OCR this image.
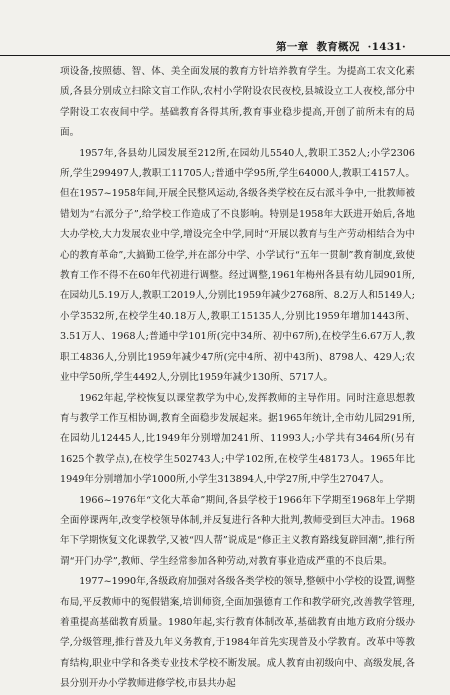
第一章 教育概况 ·1431·

项设备,按照德、智、体、美全面发展的教育方针培养教育学生。为提高工农文化素质,各县分别成立扫除文盲工作队,农村小学附设农民夜校,县城设立工人夜校,部分中学附设工农夜间中学。基础教育各得其所,教育事业稳步提高,开创了前所未有的局面。

1957年,各县幼儿园发展至212所,在园幼儿5540人,教职工352人;小学2306所,学生299497人,教职工11705人;普通中学95所,学生64000人,教职工4157人。但在1957~1958年间,开展全民整风运动,各级各类学校在反右派斗争中,一批教师被错划为“右派分子”,给学校工作造成了不良影响。特别是1958年大跃进开始后,各地大办学校,大力发展农业中学,增设完全中学,同时“开展以教育与生产劳动相结合为中心的教育革命”,大搞勤工俭学,并在部分中学、小学试行“五年一贯制”教育制度,致使教育工作不得不在60年代初进行调整。经过调整,1961年梅州各县有幼儿园901所,在园幼儿5.19万人,教职工2019人,分别比1959年减少2768所、8.2万人和5149人;小学3532所,在校学生40.18万人,教职工15135人,分别比1959年增加1443所、3.51万人、1968人;普通中学101所(完中34所、初中67所),在校学生6.67万人,教职工4836人,分别比1959年减少47所(完中4所、初中43所)、8798人、429人;农业中学50所,学生4492人,分别比1959年减少130所、5717人。

1962年起,学校恢复以课堂教学为中心,发挥教师的主导作用。同时注意思想教育与教学工作互相协调,教育全面稳步发展起来。据1965年统计,全市幼儿园291所,在园幼儿12445人,比1949年分别增加241所、11993人;小学共有3464所(另有1625个教学点),在校学生502743人;中学102所,在校学生48173人。1965年比1949年分别增加小学1000所,小学生313894人,中学27所,中学生27047人。

1966~1976年“文化大革命”期间,各县学校于1966年下学期至1968年上学期全面停课两年,改变学校领导体制,并反复进行各种大批判,教师受到巨大冲击。1968年下学期恢复文化课教学,又被“四人帮”说成是“修正主义教育路线复辟回潮”,推行所谓“开门办学”,教师、学生经常参加各种劳动,对教育事业造成严重的不良后果。

1977~1990年,各级政府加强对各级各类学校的领导,整顿中小学校的设置,调整布局,平反教师中的冤假错案,培训师资,全面加强德育工作和教学研究,改善教学管理,着重提高基础教育质量。1980年起,实行教育体制改革,基础教育由地方政府分级办学,分级管理,推行普及九年义务教育,于1984年首先实现普及小学教育。改革中等教育结构,职业中学和各类专业技术学校不断发展。成人教育由初级向中、高级发展,各县分别开办小学教师进修学校,市县共办起
